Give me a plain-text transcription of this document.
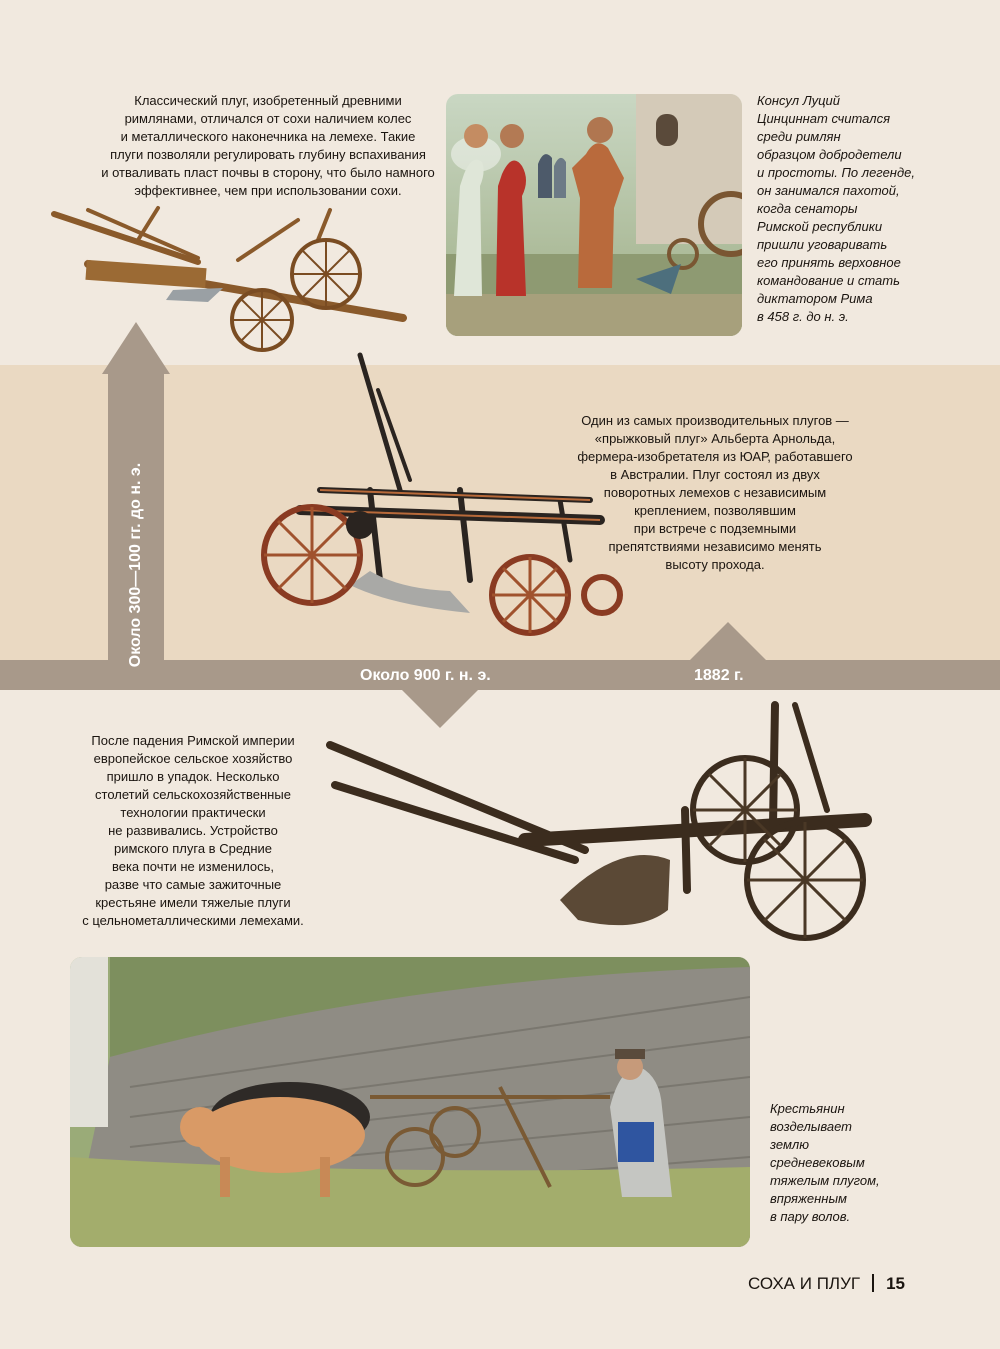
Около 300—100 гг. до н. э.
Около 900 г. н. э.	1882 г.
Классический плуг, изобретенный древними
римлянами, отличался от сохи наличием колес
и металлического наконечника на лемехе. Такие
плуги позволяли регулировать глубину вспахивания
и отваливать пласт почвы в сторону, что было намного
эффективнее, чем при использовании сохи.
Консул Луций
Цинциннат считался
среди римлян
образцом добродетели
и простоты. По легенде,
он занимался пахотой,
когда сенаторы
Римской республики
пришли уговаривать
его принять верховное
командование и стать
диктатором Рима
в 458 г. до н. э.
Один из самых производительных плугов —
«прыжковый плуг» Альберта Арнольда,
фермера-изобретателя из ЮАР, работавшего
в Австралии. Плуг состоял из двух
поворотных лемехов с независимым
креплением, позволявшим
при встрече с подземными
препятствиями независимо менять
высоту прохода.
После падения Римской империи
европейское сельское хозяйство
пришло в упадок. Несколько
столетий сельскохозяйственные
технологии практически
не развивались. Устройство
римского плуга в Средние
века почти не изменилось,
разве что самые зажиточные
крестьяне имели тяжелые плуги
с цельнометаллическими лемехами.
Крестьянин
возделывает
землю
средневековым
тяжелым плугом,
впряженным
в пару волов.
СОХА И ПЛУГ 15
